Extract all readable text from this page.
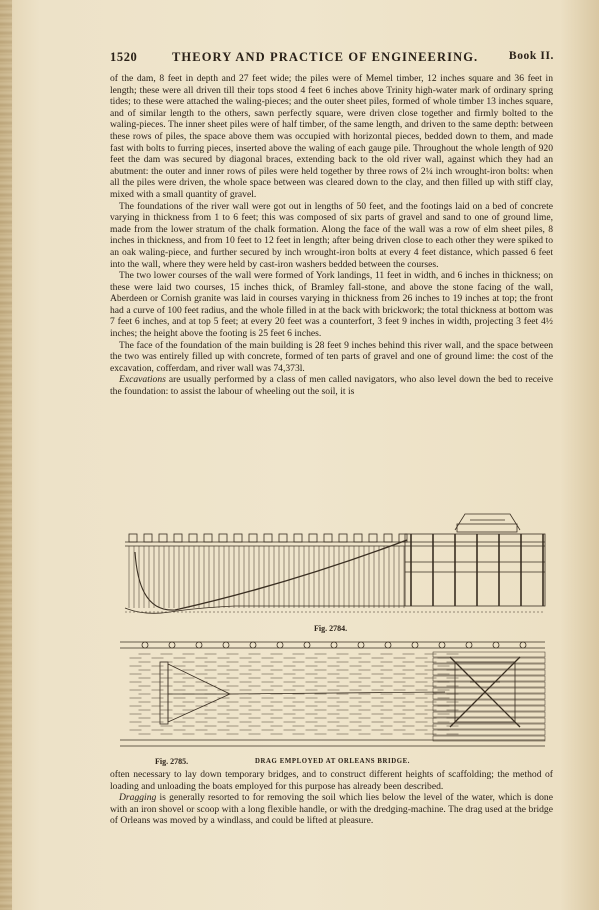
1520	THEORY AND PRACTICE OF ENGINEERING.	Book II.

of the dam, 8 feet in depth and 27 feet wide; the piles were of Memel timber, 12 inches square and 36 feet in length; these were all driven till their tops stood 4 feet 6 inches above Trinity high-water mark of ordinary spring tides; to these were attached the waling-pieces; and the outer sheet piles, formed of whole timber 13 inches square, and of similar length to the others, sawn perfectly square, were driven close together and firmly bolted to the waling-pieces. The inner sheet piles were of half timber, of the same length, and driven to the same depth: between these rows of piles, the space above them was occupied with horizontal pieces, bedded down to them, and made fast with bolts to furring pieces, inserted above the waling of each gauge pile. Throughout the whole length of 920 feet the dam was secured by diagonal braces, extending back to the old river wall, against which they had an abutment: the outer and inner rows of piles were held together by three rows of 2¼ inch wrought-iron bolts: when all the piles were driven, the whole space between was cleared down to the clay, and then filled up with stiff clay, mixed with a small quantity of gravel.

The foundations of the river wall were got out in lengths of 50 feet, and the footings laid on a bed of concrete varying in thickness from 1 to 6 feet; this was composed of six parts of gravel and sand to one of ground lime, made from the lower stratum of the chalk formation. Along the face of the wall was a row of elm sheet piles, 8 inches in thickness, and from 10 feet to 12 feet in length; after being driven close to each other they were spiked to an oak waling-piece, and further secured by inch wrought-iron bolts at every 4 feet distance, which passed 6 feet into the wall, where they were held by cast-iron washers bedded between the courses.

The two lower courses of the wall were formed of York landings, 11 feet in width, and 6 inches in thickness; on these were laid two courses, 15 inches thick, of Bramley fall-stone, and above the stone facing of the wall, Aberdeen or Cornish granite was laid in courses varying in thickness from 26 inches to 19 inches at top; the front had a curve of 100 feet radius, and the whole filled in at the back with brickwork; the total thickness at bottom was 7 feet 6 inches, and at top 5 feet; at every 20 feet was a counterfort, 3 feet 9 inches in width, projecting 3 feet 4½ inches; the height above the footing is 25 feet 6 inches.

The face of the foundation of the main building is 28 feet 9 inches behind this river wall, and the space between the two was entirely filled up with concrete, formed of ten parts of gravel and one of ground lime: the cost of the excavation, cofferdam, and river wall was 74,373l.

Excavations are usually performed by a class of men called navigators, who also level down the bed to receive the foundation: to assist the labour of wheeling out the soil, it is

Fig. 2784.
Fig. 2785.	DRAG EMPLOYED AT ORLEANS BRIDGE.

often necessary to lay down temporary bridges, and to construct different heights of scaffolding; the method of loading and unloading the boats employed for this purpose has already been described.

Dragging is generally resorted to for removing the soil which lies below the level of the water, which is done with an iron shovel or scoop with a long flexible handle, or with the dredging-machine. The drag used at the bridge of Orleans was moved by a windlass, and could be lifted at pleasure.
